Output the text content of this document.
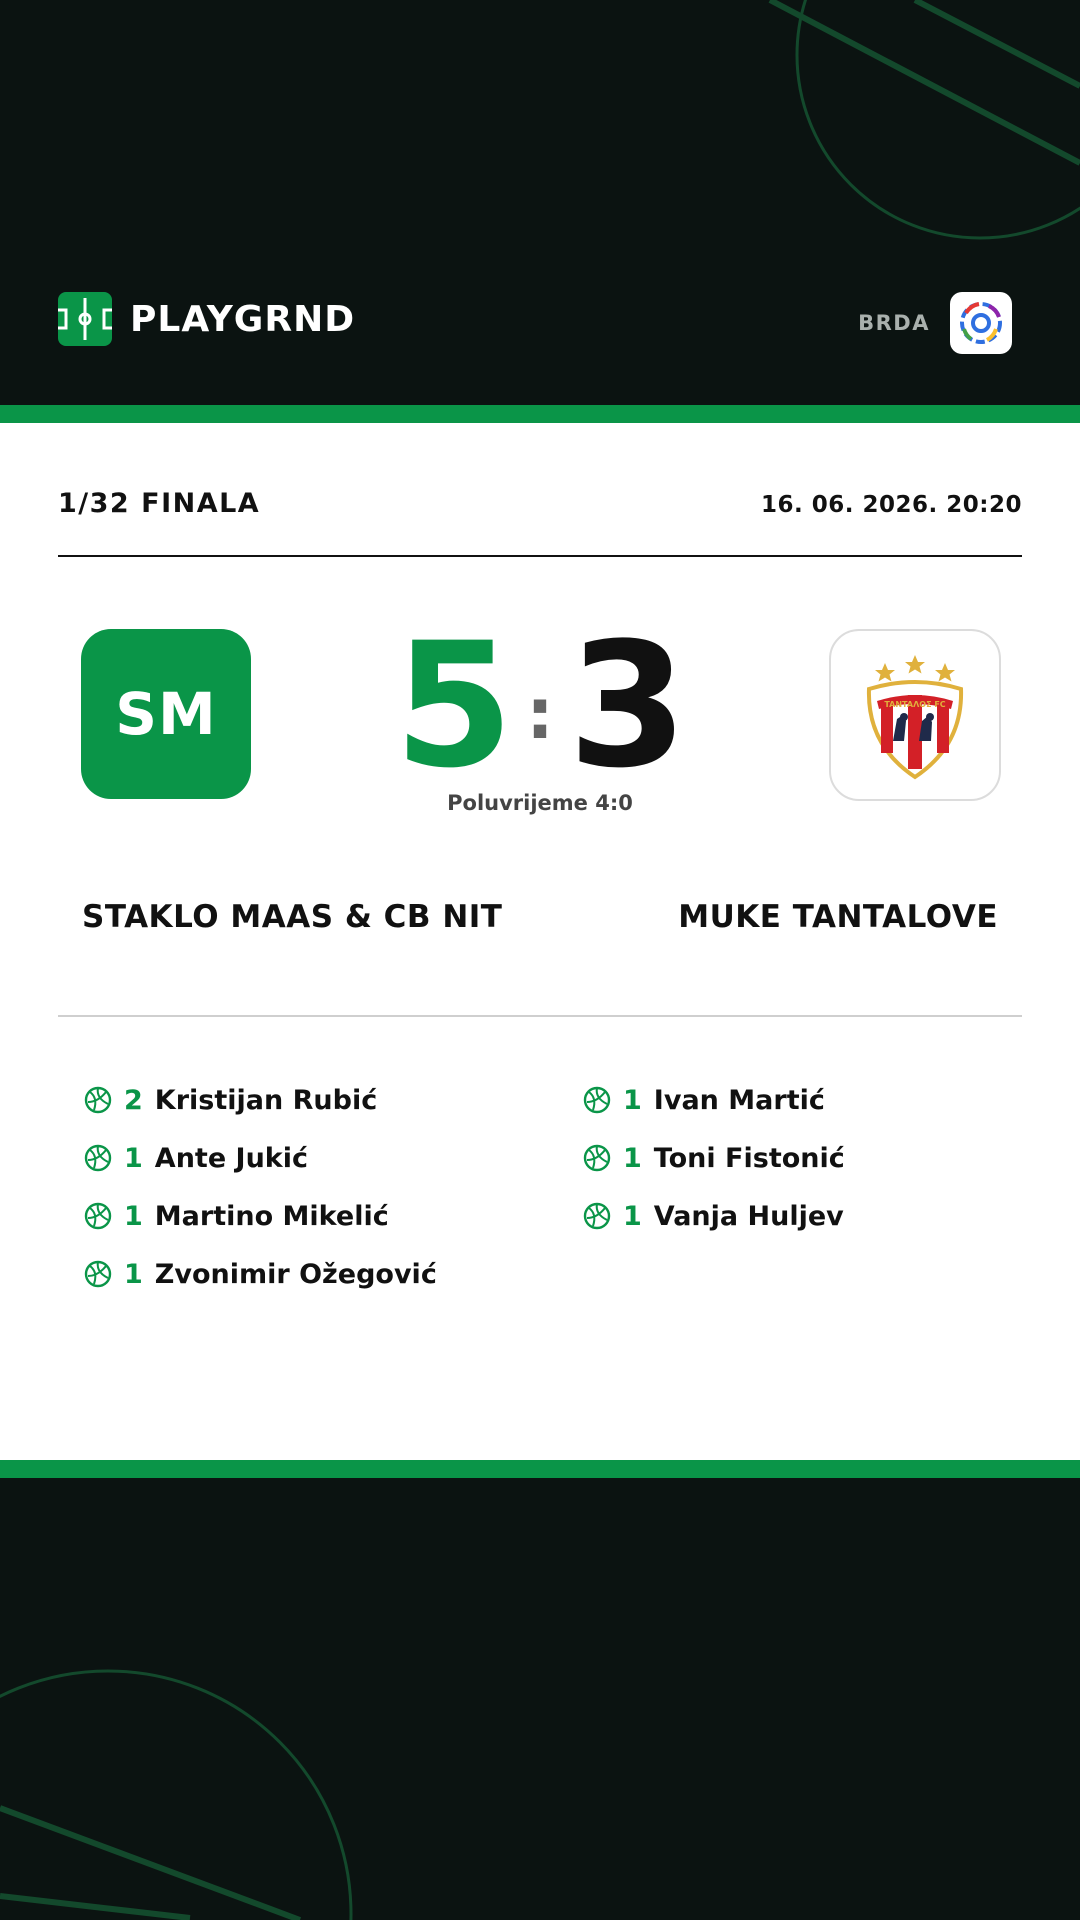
PLAYGRND	BRDA
1/32 FINALA	16. 06. 2026. 20:20
SM 5 : 3
Poluvrijeme 4:0
TANTAΛOΣ FC
STAKLO MAAS & CB NIT	MUKE TANTALOVE
2 Kristijan Rubić
1 Ante Jukić
1 Martino Mikelić
1 Zvonimir Ožegović
1 Ivan Martić
1 Toni Fistonić
1 Vanja Huljev
